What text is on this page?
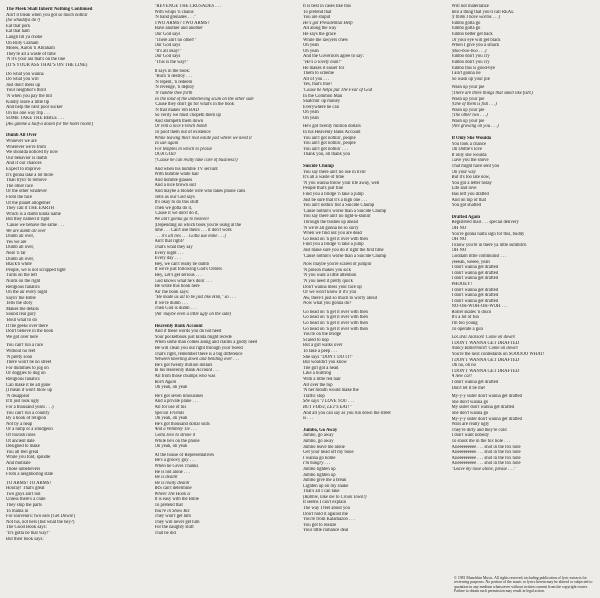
The Meek Shall Inherit Nothing Continued

Ain't it bleak when you got so much nothin'

(So whaddya do?)

Eat that pork

Eat that ham

Laugh till ya choke

On Billy Graham

Moses, Aaron 'n Abraham

They're all a waste of time

'N it's your ass that's on the line

(IT'S YOUR ASS THAT'S ON THE LINE)

Do what you wanna

Do what you will

Just don't mess up

Your neighbor's thrill

'N when you pay the bill

Kindly leave a little tip

And help the next poor sucker

On his one way trip . . .

SOME TAKE THE BIBLE . . .

(Aw gimme a half-a dozen for the hotel room!)

Dumb All Over

Whoever we are

Wherever we're from

We shoulda noticed by now

Our behavior is dumb

And if our chances

Expect to improve

It's gonna take a lot more

Than tryin' to remove

The other race

Or the other whatever

From the face

Of the planet altogether

They call it THE EARTH

Which is a dumb kinda name

But they named it right

'Cause we behave the same . . .

We are dumb all over

Dumb all over,

Yes we are

Dumb all over,

Near 'n far

Dumb all over,

Black'n white

People, we is not scrapped tight

Turds on the left

Nurds on the right

Religious fanatics

On the air every night

Sayin' the Bible

Tells the story

Makes the details

Sound real gory

'Bout what to do

If the geeks over there

Don't believe in the book

We got over here

You can't run a race

Without no feet

'N pretty soon

There won't be no street

For dummies to jog on

Or doggies to dog on

Religious fanatics

Can make it be all gone

(I mean it won't blow up

'N disappear

It'll just look ugly

For a thousand years . . .)

You can't run a country

By a book of religion

Not by a heap

Or a lump or a smidgeon

Of foolish rules

Of ancient date

Designed to make

You all feel great

While you fold, spindle

And mutilate

Those unbelievers

From a neighboring state

TO ARMS! TO ARMS!

Hooray! That's great

Two guys ain't but

Unless there's a crate

They ship the parts

To mama in

For souvenirs: two ears (Get Down!)

Not his, not hers (but what the hey?)

The Good Book says:

"It's gotta be that way!"

But their book says:

"REVENGE THE CRUSADES . . .

With whips 'n chains

'N hand grenades . . ."

TWO ARMS? TWO ARMS?

Have another and another

Our God says

"There ain't no other!"

Our God says

"It's all okay!"

Our God says

"This is the way!"

It says in the book:

"Burn 'n destroy . . .

'N repent, 'n redeem

'N revenge, 'n deploy

'N rumble thee forth

To the land of the unbelieving scum on the other side

'Cause they don't go for what's in the book

'N that makes 'em BAD

So verily we must chopeth them up

And stompeth them down

Or rent a nice French bomb

To poof them out of existence

While leaving their real estate just where we need it

To use again

For temples in which to praise

OUR GOD

('Cause he can really take care of business!)

And when his humble TV servant

With humble white hair

And humble glasses

And a nice brown suit

And maybe a blonde wife who takes phone calls

Tells us our God says

It's okay to do this stuff

Then we gotta do it,

'Cause if we don't do it,

We ain't gonna go to heaven!

(Depending on which book you're using at the

time . . . Can't use theirs . . . it don't work

. . . it's all lies . . . Gotta use mine . . .)

Ain't that right?

That's what they say

Every night . . .

Every day . . .

Hey, we can't really be dumb

If we're just following God's Orders

Hey, Let's get serious . . .

God knows what he's doin' . . .

He wrote this book here

An' the book says:

"He made us all to be just like Him," so . . .

If we're dumb . . .

Then God is dumb . . .

(An' maybe even a little ugly on the side)

Heavenly Bank Account

And if these words you do not heed

Your pocketbook just kinda might recede

When some man comes along and claims a godly need

He will clean you out right through your tweed

That's right, remember there is a big difference

between kneeling down and bending over . . .

He's got twenty million dollars

In his Heavenly Bank Account . . .

All from those chumps who was

Born Again

Oh yeah, oh yeah

He's got seven limousines

And a private plane . . .

All for use of his

Special Friends

Oh yeah, oh yeah

He's got thousand dollar suits

And a Wimbley Tie . . .

Gotta love to stroke it

While he's on the phone

Oh yeah, oh yeah

At the house of Representatives

He's a groovy guy . . .

When he Gives Thanks

He is not alone . . .

He is dealin'

He is really dealin'

IRS can't determine

Where The Hook is

It is easy with the Bible

To pretend that

You're in Show Biz

They won't get him

They will never get him

For the naughty stuff

That he did

It is best in cases like this

To pretend that

You are stupid

He's got Presidential Help

All along the way

He says the grace

While the lawyers chew

Oh yeah

Oh yeah

And the Governors agree to say:

"He's a lovely man!"

He makes it easier for

Them to scheme

All of you . . .

Yes, that's true!

'Cause he helps put The Fear of God

In the Common Man

Snatchin' up money

Everywhere he can

Oh yeah

Oh yeah

He's got twenty million dollars

In his Heavenly Bank Account

You ain't got nothin', people

You ain't got nothin', people

You ain't got nothin' . . .

Thank you, oh thank you

Suicide Chump

You say there ain't no use in livin'

It's all a waste of time

'N you wanna throw your life away, well

People that's just fine

Find you a bridge 'n take a jump

Just be sure that it's a high one . . .

You ain't nothin' but a Suicide Chump

'Cause nothin's worse than a Suicide Chump

You say there ain't no light-n-shinin'

Through the bushes up ahead

'N we're all gonna be so sorry

When we find out you are dead

Go head on 'n get it over with then

Find you a bridge 'n take a jump

Just make sure you do it right the first time

'Cause nothin's worse than a Suicide Chump

Now maybe you're scared of jumpin'

'N poison makes you sick

'N you want a little attention

'N you need it pretty quick

Don't wanna mess your face up

Or we won't know if it's you

Aw, there's just so much to worry about

Now what you gonna do?

Go head on 'n get it over with then

Go head on 'n get it over with then

Go head on 'n get it over with then

Go head on 'n get it over with then

You're on the bridge

Scared to hop

But a girl walks over

To take a peep . . .

She says "DON'T DO IT!"

But wouldn't you know

The girl got a head

Like a bullfrog

With a little red hair

All over the top

'N her mouth would make the

Traffic stop

She says "I LOVE YOU . . .

BUT FIRST, LET'S EAT!"

And all you can say as you run down the street

is . . .

Jumbo, Go Away

Jumbo, go away

Jumbo, go away

Jumbo leave me alone

Get your head off my bone

I wanna go home

I'm hungry . . .

Jumbo lighten up

Jumbo lighten up

Jumbo give me a break

Lighten up on my snake

That's all I can take

(Rubbie, take me to Crook Town!)

It seems I can't explain

The way I feel about you

Don't hold it against me

You're from Kalamazoo . . .

You got to realize

Your little romance deal

Will not materialize

Into a thing that you'd call REAL

(I think I have worms . . .)

Jumbo gotta go

Jumbo gotta go

Jumbo better get back

Or your eye will get black

When I give you a smack

(Boo-boo-boo . . .)

Jumbo don't you cry

Jumbo don't you cry

Jumbo this is good-bye

I ain't gonna lie

So wash up your pie

Wash up your pie

(There are three things that smell like fish!)

Wash up your pie

(One of them is fish . . .)

Wash up your pie

(The other two . . .)

Wash up your pie

(Are growing on you . . .)

If Only She Woulda

You took a chance

On Dottie's love

If only she woulda

Gave you the shove

That might have sent you

On your way

But it's too late now,

You got a letter today

Life and love

Has left you drafted

And on top of that

You got shafted

Drafted Again

Registered mail . . . special delivery

OH NO

You're gonna halfa sign for this, buddy

OH NO

I know you're in there ya little sumbitch

OH NO

Goddam little communist . . .

yeeeah, weeee, yeah

I don't wanna get drafted

I don't wanna get drafted

I don't wanna get drafted

PHOOEY!

I don't wanna get drafted

I don't wanna get drafted

I don't wanna get drafted

NO-OH-WOH-OH-WOH . . .

Roller skates 'n disco

It's a lot of fun

I'm too young

To operate a gun

LoCaVa Jackson! Come on down!

I DON'T WANNA GET DRAFTED

Nancy Baltermiclt! Come on down!

You're the next contestants on SOOOOO WHAT!

I DON'T WANNA GET DRAFTED

Oh no, oh no

I DON'T WANNA GET DRAFTED

A new car!

I don't wanna get drafted

Don't let it be me!

My-y-y sister don't wanna get drafted

She don't wanna go

My sister don't wanna get drafted

She don't wanna go

My-y-y sister don't wanna get drafted

Wars are really ugly

They're dirty and they're cold

I don't want nobody

To shoot me in the fox hole . . .

Aiieeeeeeeee . . . shot in the fox hole

Aiieeeeeeeee . . . shot in the fox hole

Aiieeeeeeeee . . . shot in the fox hole

Aiieeeeeeeee . . . shot in the fox hole

"Leave my nose alone, please . . ."

© 1981 Munchkin Music. All rights reserved, including publication of lyric extracts for reviewing purposes. No portion of the music or lyrics herein may be altered or subjected to quotation in any medium whatsoever without written consent from the copyright owner. Failure to obtain such permission may result in legal action.
